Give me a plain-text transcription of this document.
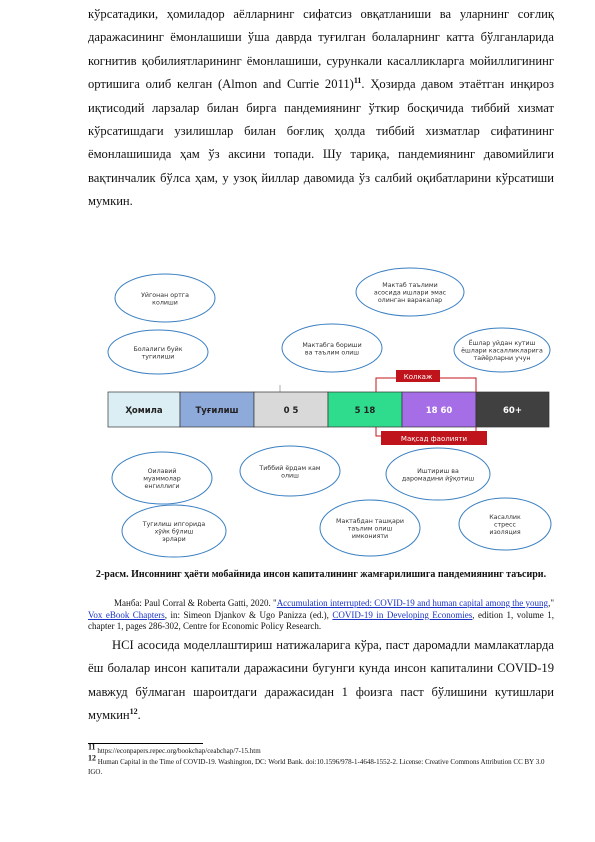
кўрсатадики, ҳомиладор аёлларнинг сифатсиз овқатланиши ва уларнинг соғлиқ даражасининг ёмонлашиши ўша даврда туғилган болаларнинг катта бўлганларида когнитив қобилиятларининг ёмонлашиши, сурункали касалликларга мойиллигининг ортишига олиб келган (Almon and Currie 2011)$^{11}$. Ҳозирда давом этаётган инқироз иқтисодий ларзалар билан бирга пандемиянинг ўткир босқичида тиббий хизмат кўрсатишдаги узилишлар билан боғлиқ ҳолда тиббий хизматлар сифатининг ёмонлашишида ҳам ўз аксини топади. Шу тариқа, пандемиянинг давомийлиги вақтинчалик бўлса ҳам, у узоқ йиллар давомида ўз салбий оқибатларини кўрсатиши мумкин.

Уйгонан ортга
колиши
Мактаб таълими
асосида ишлари эмас
олинган варакалар
Болалиги буйк
тугилиши
Мактабга бориши
ва таълим олиш
Ёшлар уйдан кутиш
ёшлари касалликларига
тайёрларни учун
Оилавий
муаммолар
енгиллиги
Тиббий ёрдам кам
олиш
Иштириш ва
даромадини йўқотиш
Тугилиш ипгорида
хўйк бўлиш
эрлари
Мактабдан ташқари
таълим олиш
имконияти
Касаллик
стресс
изоляция
Ҳомила	Туғилиш	0 5	5 18	18 60	60+
Колкаж
Мақсад фаолияти

2-расм. Инсоннинг ҳаёти мобайнида инсон капиталининг жамғарилишига пандемиянинг таъсири.

Манба: Paul Corral & Roberta Gatti, 2020. "Accumulation interrupted: COVID-19 and human capital among the young," Vox eBook Chapters, in: Simeon Djankov & Ugo Panizza (ed.), COVID-19 in Developing Economies, edition 1, volume 1, chapter 1, pages 286-302, Centre for Economic Policy Research.

HCI асосида моделлаштириш натижаларига кўра, паст даромадли мамлакатларда ёш болалар инсон капитали даражасини бугунги кунда инсон капиталини COVID-19 мавжуд бўлмаган шароитдаги даражасидан 1 фоизга паст бўлишини кутишлари мумкин$^{12}$.

$^{11}$ https://econpapers.repec.org/bookchap/ceabchap/7-15.htm

$^{12}$ Human Capital in the Time of COVID-19. Washington, DC: World Bank. doi:10.1596/978-1-4648-1552-2. License: Creative Commons Attribution CC BY 3.0 IGO.
